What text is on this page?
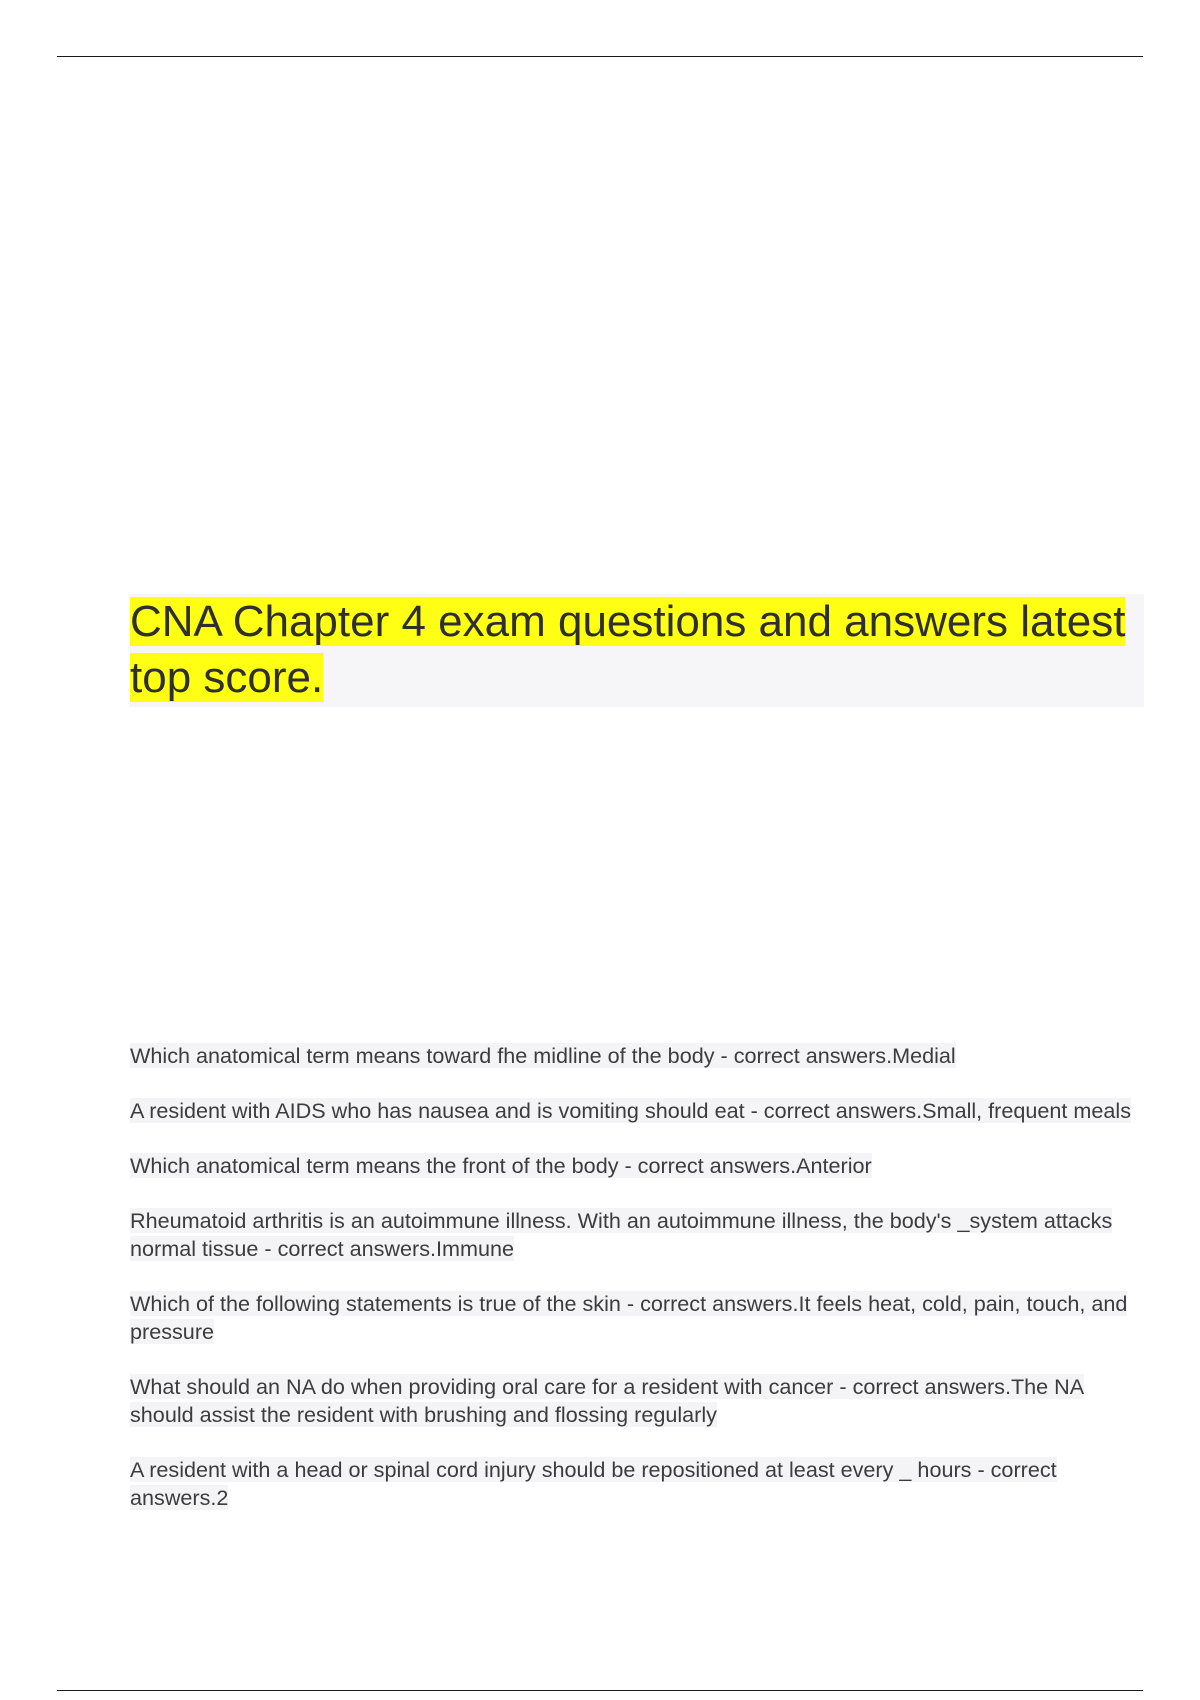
CNA Chapter 4 exam questions and answers latest top score.
Which anatomical term means toward fhe midline of the body - correct answers.Medial
A resident with AIDS who has nausea and is vomiting should eat - correct answers.Small, frequent meals
Which anatomical term means the front of the body - correct answers.Anterior
Rheumatoid arthritis is an autoimmune illness. With an autoimmune illness, the body's _system attacks normal tissue - correct answers.Immune
Which of the following statements is true of the skin - correct answers.It feels heat, cold, pain, touch, and pressure
What should an NA do when providing oral care for a resident with cancer - correct answers.The NA should assist the resident with brushing and flossing regularly
A resident with a head or spinal cord injury should be repositioned at least every _ hours - correct answers.2
